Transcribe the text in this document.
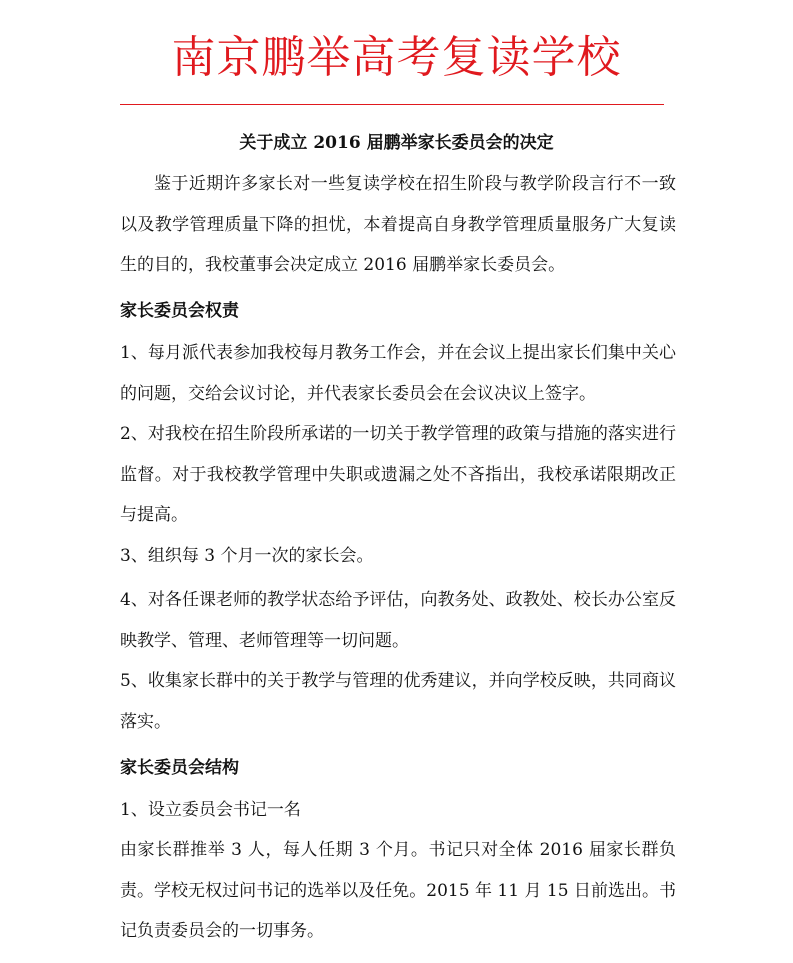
南京鹏举高考复读学校
关于成立 2016 届鹏举家长委员会的决定
鉴于近期许多家长对一些复读学校在招生阶段与教学阶段言行不一致以及教学管理质量下降的担忧，本着提高自身教学管理质量服务广大复读生的目的，我校董事会决定成立 2016 届鹏举家长委员会。
家长委员会权责
1、每月派代表参加我校每月教务工作会，并在会议上提出家长们集中关心的问题，交给会议讨论，并代表家长委员会在会议决议上签字。
2、对我校在招生阶段所承诺的一切关于教学管理的政策与措施的落实进行监督。对于我校教学管理中失职或遗漏之处不吝指出，我校承诺限期改正与提高。
3、组织每 3 个月一次的家长会。
4、对各任课老师的教学状态给予评估，向教务处、政教处、校长办公室反映教学、管理、老师管理等一切问题。
5、收集家长群中的关于教学与管理的优秀建议，并向学校反映，共同商议落实。
家长委员会结构
1、设立委员会书记一名
由家长群推举 3 人，每人任期 3 个月。书记只对全体 2016 届家长群负责。学校无权过问书记的选举以及任免。2015 年 11 月 15 日前选出。书记负责委员会的一切事务。
